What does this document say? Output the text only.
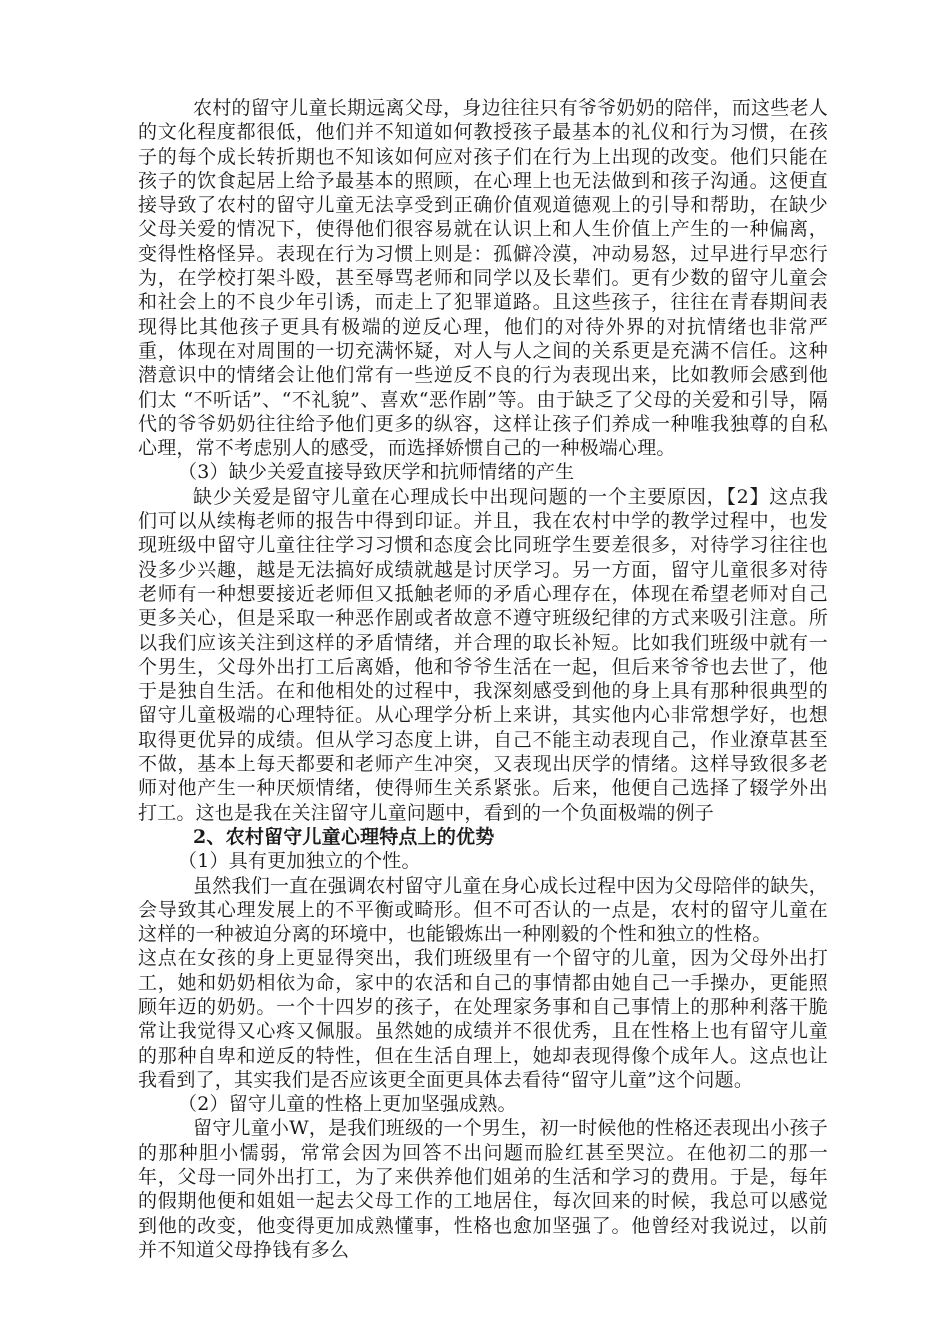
农村的留守儿童长期远离父母，身边往往只有爷爷奶奶的陪伴，而这些老人的文化程度都很低，他们并不知道如何教授孩子最基本的礼仪和行为习惯，在孩子的每个成长转折期也不知该如何应对孩子们在行为上出现的改变。他们只能在孩子的饮食起居上给予最基本的照顾，在心理上也无法做到和孩子沟通。这便直接导致了农村的留守儿童无法享受到正确价值观道德观上的引导和帮助，在缺少父母关爱的情况下，使得他们很容易就在认识上和人生价值上产生的一种偏离，变得性格怪异。表现在行为习惯上则是：孤僻冷漠，冲动易怒，过早进行早恋行为，在学校打架斗殴，甚至辱骂老师和同学以及长辈们。更有少数的留守儿童会和社会上的不良少年引诱，而走上了犯罪道路。且这些孩子，往往在青春期间表现得比其他孩子更具有极端的逆反心理，他们的对待外界的对抗情绪也非常严重，体现在对周围的一切充满怀疑，对人与人之间的关系更是充满不信任。这种潜意识中的情绪会让他们常有一些逆反不良的行为表现出来，比如教师会感到他们太 “不听话”、“不礼貌”、喜欢“恶作剧”等。由于缺乏了父母的关爱和引导，隔代的爷爷奶奶往往给予他们更多的纵容，这样让孩子们养成一种唯我独尊的自私心理，常不考虑别人的感受，而选择娇惯自己的一种极端心理。

（3）缺少关爱直接导致厌学和抗师情绪的产生

缺少关爱是留守儿童在心理成长中出现问题的一个主要原因，【2】这点我们可以从续梅老师的报告中得到印证。并且，我在农村中学的教学过程中，也发现班级中留守儿童往往学习习惯和态度会比同班学生要差很多，对待学习往往也没多少兴趣，越是无法搞好成绩就越是讨厌学习。另一方面，留守儿童很多对待老师有一种想要接近老师但又抵触老师的矛盾心理存在，体现在希望老师对自己更多关心，但是采取一种恶作剧或者故意不遵守班级纪律的方式来吸引注意。所以我们应该关注到这样的矛盾情绪，并合理的取长补短。比如我们班级中就有一个男生，父母外出打工后离婚，他和爷爷生活在一起，但后来爷爷也去世了，他于是独自生活。在和他相处的过程中，我深刻感受到他的身上具有那种很典型的留守儿童极端的心理特征。从心理学分析上来讲，其实他内心非常想学好，也想取得更优异的成绩。但从学习态度上讲，自己不能主动表现自己，作业潦草甚至不做，基本上每天都要和老师产生冲突，又表现出厌学的情绪。这样导致很多老师对他产生一种厌烦情绪，使得师生关系紧张。后来，他便自己选择了辍学外出打工。这也是我在关注留守儿童问题中，看到的一个负面极端的例子

2、农村留守儿童心理特点上的优势

（1）具有更加独立的个性。

虽然我们一直在强调农村留守儿童在身心成长过程中因为父母陪伴的缺失，会导致其心理发展上的不平衡或畸形。但不可否认的一点是，农村的留守儿童在这样的一种被迫分离的环境中，也能锻炼出一种刚毅的个性和独立的性格。

这点在女孩的身上更显得突出，我们班级里有一个留守的儿童，因为父母外出打工，她和奶奶相依为命，家中的农活和自己的事情都由她自己一手操办，更能照顾年迈的奶奶。一个十四岁的孩子，在处理家务事和自己事情上的那种利落干脆常让我觉得又心疼又佩服。虽然她的成绩并不很优秀，且在性格上也有留守儿童的那种自卑和逆反的特性，但在生活自理上，她却表现得像个成年人。这点也让我看到了，其实我们是否应该更全面更具体去看待“留守儿童”这个问题。

（2）留守儿童的性格上更加坚强成熟。

留守儿童小W，是我们班级的一个男生，初一时候他的性格还表现出小孩子的那种胆小懦弱，常常会因为回答不出问题而脸红甚至哭泣。在他初二的那一年，父母一同外出打工，为了来供养他们姐弟的生活和学习的费用。于是，每年的假期他便和姐姐一起去父母工作的工地居住，每次回来的时候，我总可以感觉到他的改变，他变得更加成熟懂事，性格也愈加坚强了。他曾经对我说过，以前并不知道父母挣钱有多么
